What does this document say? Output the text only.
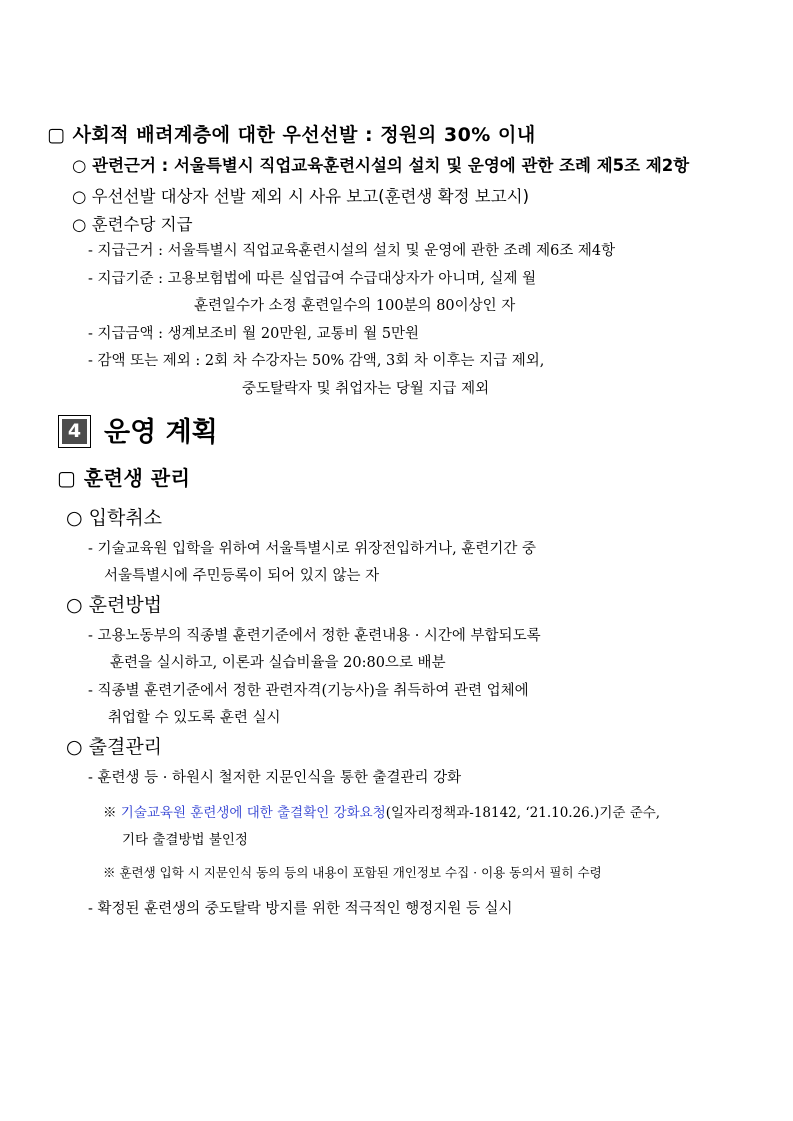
▢ 사회적 배려계층에 대한 우선선발 : 정원의 30% 이내
○ 관련근거 : 서울특별시 직업교육훈련시설의 설치 및 운영에 관한 조례 제5조 제2항
○ 우선선발 대상자 선발 제외 시 사유 보고(훈련생 확정 보고시)
○ 훈련수당 지급
- 지급근거 : 서울특별시 직업교육훈련시설의 설치 및 운영에 관한 조례 제6조 제4항
- 지급기준 : 고용보험법에 따른 실업급여 수급대상자가 아니며, 실제 월
훈련일수가 소정 훈련일수의 100분의 80이상인 자
- 지급금액 : 생계보조비 월 20만원, 교통비 월 5만원
- 감액 또는 제외 : 2회 차 수강자는 50% 감액, 3회 차 이후는 지급 제외,
중도탈락자 및 취업자는 당월 지급 제외
4 운영 계획
▢ 훈련생 관리
○ 입학취소
- 기술교육원 입학을 위하여 서울특별시로 위장전입하거나, 훈련기간 중
서울특별시에 주민등록이 되어 있지 않는 자
○ 훈련방법
- 고용노동부의 직종별 훈련기준에서 정한 훈련내용 · 시간에 부합되도록
훈련을 실시하고, 이론과 실습비율을 20:80으로 배분
- 직종별 훈련기준에서 정한 관련자격(기능사)을 취득하여 관련 업체에
취업할 수 있도록 훈련 실시
○ 출결관리
- 훈련생 등 · 하원시 철저한 지문인식을 통한 출결관리 강화
※ 기술교육원 훈련생에 대한 출결확인 강화요청(일자리정책과-18142, ‘21.10.26.)기준 준수,
기타 출결방법 불인정
※ 훈련생 입학 시 지문인식 동의 등의 내용이 포함된 개인정보 수집 · 이용 동의서 필히 수령
- 확정된 훈련생의 중도탈락 방지를 위한 적극적인 행정지원 등 실시
